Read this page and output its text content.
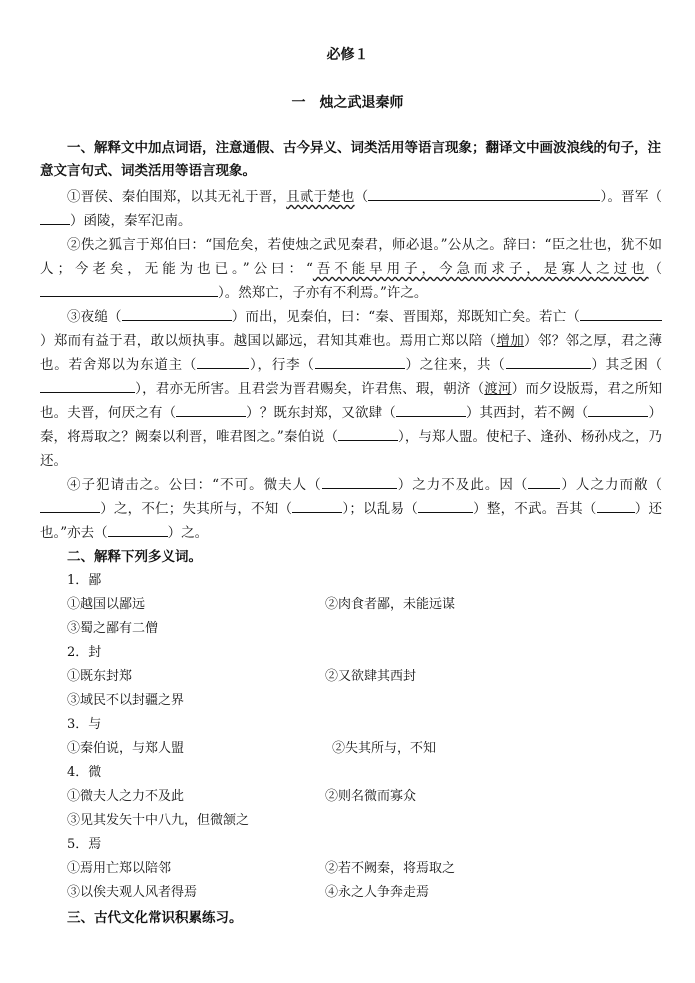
必修１
一 烛之武退秦师
一、解释文中加点词语，注意通假、古今异义、词类活用等语言现象；翻译文中画波浪线的句子，注意文言句式、词类活用等语言现象。
①晋侯、秦伯围郑，以其无礼于晋，且贰于楚也（	）。晋军（）函陵，秦军氾南。
②佚之狐言于郑伯曰：“国危矣，若使烛之武见秦君，师必退。”公从之。辞曰：“臣之壮也，犹不如人；今老矣，无能为也已。”公曰：“吾不能早用子，今急而求子，是寡人之过也（）。然郑亡，子亦有不利焉。”许之。
③夜缒（	）而出，见秦伯，曰：“秦、晋围郑，郑既知亡矣。若亡（）郑而有益于君，敢以烦执事。越国以鄙远，君知其难也。焉用亡郑以陪（增加）邻？邻之厚，君之薄也。若舍郑以为东道主（	），行李（	）之往来，共（	）其乏困（），君亦无所害。且君尝为晋君赐矣，许君焦、瑕，朝济（渡河）而夕设版焉，君之所知也。夫晋，何厌之有（	）？既东封郑，又欲肆（	）其西封，若不阙（	）秦，将焉取之？阙秦以利晋，唯君图之。”秦伯说（	），与郑人盟。使杞子、逢孙、杨孙戍之，乃还。
④子犯请击之。公曰：“不可。微夫人（	）之力不及此。因（ ）人之力而敝（）之，不仁；失其所与，不知（	）；以乱易（	）整，不武。吾其（	）还也。”亦去（	）之。
二、解释下列多义词。
1．鄙
①越国以鄙远	②肉食者鄙，未能远谋
③蜀之鄙有二僧
2．封
①既东封郑	②又欲肆其西封
③域民不以封疆之界
3．与
①秦伯说，与郑人盟	②失其所与，不知
4．微
①微夫人之力不及此	②则名微而寡众
③见其发矢十中八九，但微颔之
5．焉
①焉用亡郑以陪邻	②若不阙秦，将焉取之
③以俟夫观人风者得焉	④永之人争奔走焉
三、古代文化常识积累练习。
